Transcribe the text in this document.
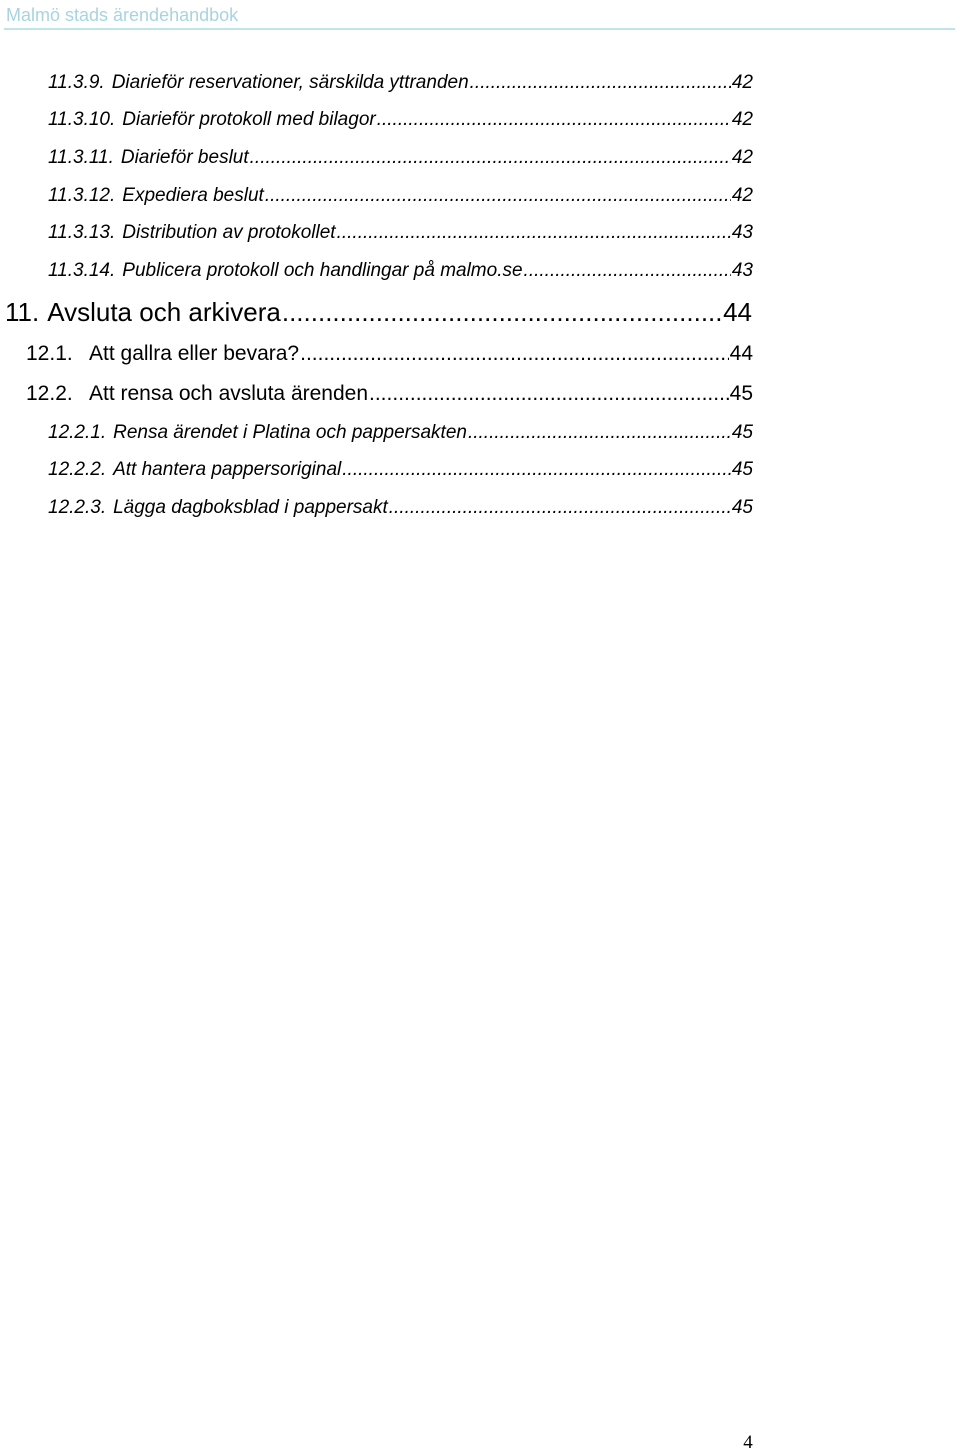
Malmö stads ärendehandbok
11.3.9. Diarieför reservationer, särskilda yttranden .....	42
11.3.10. Diarieför protokoll med bilagor .....	42
11.3.11. Diarieför beslut .....	42
11.3.12. Expediera beslut .....	42
11.3.13. Distribution av protokollet .....	43
11.3.14. Publicera protokoll och handlingar på malmo.se .....	43
11. Avsluta och arkivera .....	44
12.1. Att gallra eller bevara? .....	44
12.2. Att rensa och avsluta ärenden .....	45
12.2.1. Rensa ärendet i Platina och pappersakten .....	45
12.2.2. Att hantera pappersoriginal .....	45
12.2.3. Lägga dagboksblad i pappersakt .....	45
4
